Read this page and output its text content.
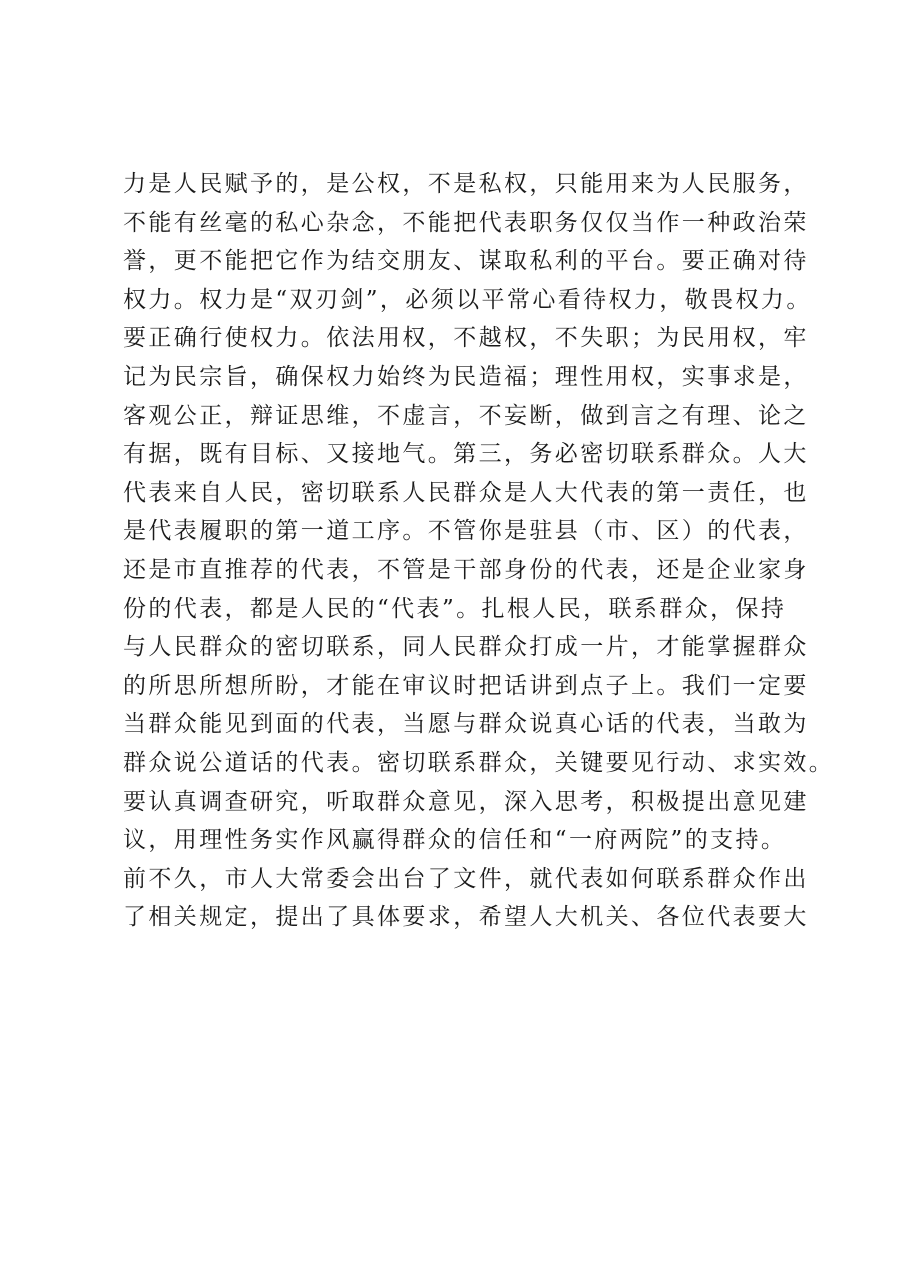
力是人民赋予的，是公权，不是私权，只能用来为人民服务，
不能有丝毫的私心杂念，不能把代表职务仅仅当作一种政治荣
誉，更不能把它作为结交朋友、谋取私利的平台。要正确对待
权力。权力是“双刃剑”，必须以平常心看待权力，敬畏权力。
要正确行使权力。依法用权，不越权，不失职；为民用权，牢
记为民宗旨，确保权力始终为民造福；理性用权，实事求是，
客观公正，辩证思维，不虚言，不妄断，做到言之有理、论之
有据，既有目标、又接地气。第三，务必密切联系群众。人大
代表来自人民，密切联系人民群众是人大代表的第一责任，也
是代表履职的第一道工序。不管你是驻县（市、区）的代表，
还是市直推荐的代表，不管是干部身份的代表，还是企业家身
份的代表，都是人民的“代表”。扎根人民，联系群众，保持
与人民群众的密切联系，同人民群众打成一片，才能掌握群众
的所思所想所盼，才能在审议时把话讲到点子上。我们一定要
当群众能见到面的代表，当愿与群众说真心话的代表，当敢为
群众说公道话的代表。密切联系群众，关键要见行动、求实效。
要认真调查研究，听取群众意见，深入思考，积极提出意见建
议，用理性务实作风赢得群众的信任和“一府两院”的支持。
前不久，市人大常委会出台了文件，就代表如何联系群众作出
了相关规定，提出了具体要求，希望人大机关、各位代表要大
